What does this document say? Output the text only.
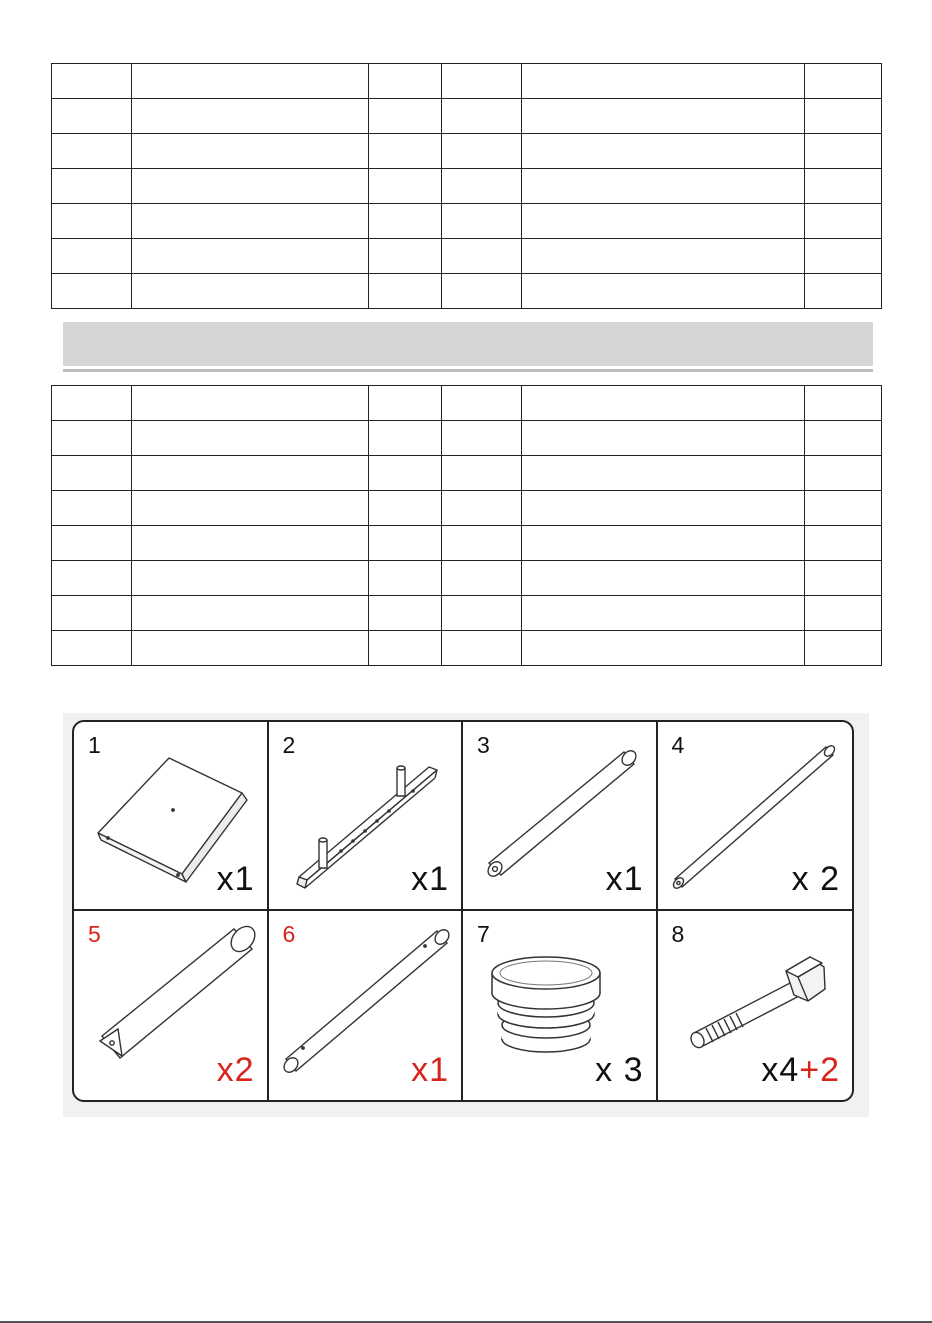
1
x1
2
x1
3
x1
4
x 2
5
x2
6
x1
7
x 3
8
x4+2
